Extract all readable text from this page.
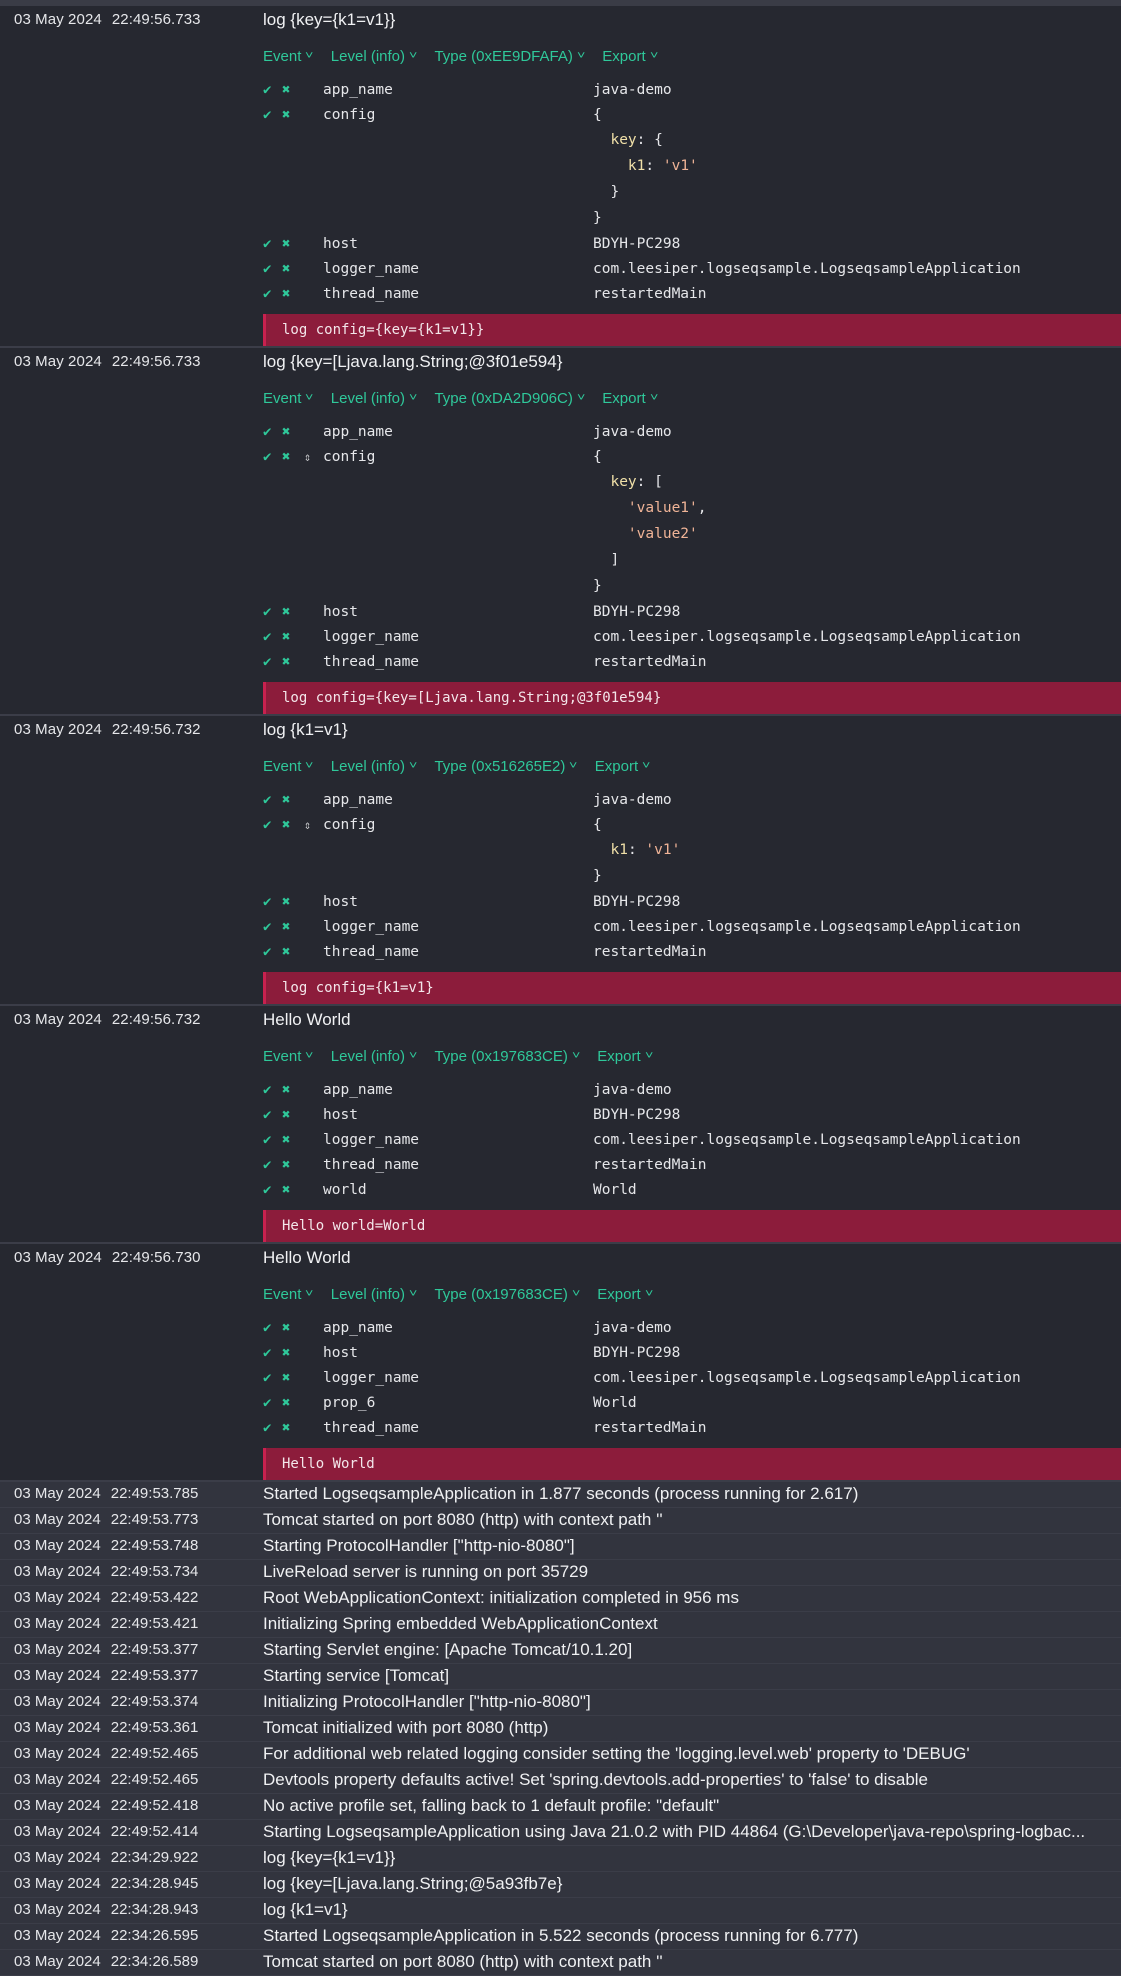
03 May 2024 22:49:56.733	log {key={k1=v1}}
Event ˅ Level (info) ˅ Type (0xEE9DFAFA) ˅ Export ˅
✔ ✖	app_name	java-demo
✔ ✖	config	{

key: {

k1: 'v1'

}
}
✔ ✖	host	BDYH-PC298
✔ ✖	logger_name	com.leesiper.logseqsample.LogseqsampleApplication
✔ ✖	thread_name	restartedMain
log config={key={k1=v1}}
03 May 2024 22:49:56.733	log {key=[Ljava.lang.String;@3f01e594}
Event ˅ Level (info) ˅ Type (0xDA2D906C) ˅ Export ˅
✔ ✖	app_name	java-demo
✔ ✖	⇕ config	{

key: [

'value1',

'value2'

]
}
✔ ✖	host	BDYH-PC298
✔ ✖	logger_name	com.leesiper.logseqsample.LogseqsampleApplication
✔ ✖	thread_name	restartedMain
log config={key=[Ljava.lang.String;@3f01e594}
03 May 2024 22:49:56.732	log {k1=v1}
Event ˅ Level (info) ˅ Type (0x516265E2) ˅ Export ˅
✔ ✖	app_name	java-demo
✔ ✖	⇕ config	{

k1: 'v1'
}
✔ ✖	host	BDYH-PC298
✔ ✖	logger_name	com.leesiper.logseqsample.LogseqsampleApplication
✔ ✖	thread_name	restartedMain
log config={k1=v1}
03 May 2024 22:49:56.732	Hello World
Event ˅ Level (info) ˅ Type (0x197683CE) ˅ Export ˅
✔ ✖	app_name	java-demo
✔ ✖	host	BDYH-PC298
✔ ✖	logger_name	com.leesiper.logseqsample.LogseqsampleApplication
✔ ✖	thread_name	restartedMain
✔ ✖	world	World
Hello world=World
03 May 2024 22:49:56.730	Hello World
Event ˅ Level (info) ˅ Type (0x197683CE) ˅ Export ˅
✔ ✖	app_name	java-demo
✔ ✖	host	BDYH-PC298
✔ ✖	logger_name	com.leesiper.logseqsample.LogseqsampleApplication
✔ ✖	prop_6	World
✔ ✖	thread_name	restartedMain
Hello World
03 May 2024 22:49:53.785	Started LogseqsampleApplication in 1.877 seconds (process running for 2.617)
03 May 2024 22:49:53.773	Tomcat started on port 8080 (http) with context path ''
03 May 2024 22:49:53.748	Starting ProtocolHandler ["http-nio-8080"]
03 May 2024 22:49:53.734	LiveReload server is running on port 35729
03 May 2024 22:49:53.422	Root WebApplicationContext: initialization completed in 956 ms
03 May 2024 22:49:53.421	Initializing Spring embedded WebApplicationContext
03 May 2024 22:49:53.377	Starting Servlet engine: [Apache Tomcat/10.1.20]
03 May 2024 22:49:53.377	Starting service [Tomcat]
03 May 2024 22:49:53.374	Initializing ProtocolHandler ["http-nio-8080"]
03 May 2024 22:49:53.361	Tomcat initialized with port 8080 (http)
03 May 2024 22:49:52.465	For additional web related logging consider setting the 'logging.level.web' property to 'DEBUG'
03 May 2024 22:49:52.465	Devtools property defaults active! Set 'spring.devtools.add-properties' to 'false' to disable
03 May 2024 22:49:52.418	No active profile set, falling back to 1 default profile: "default"
03 May 2024 22:49:52.414	Starting LogseqsampleApplication using Java 21.0.2 with PID 44864 (G:\Developer\java-repo\spring-logbac...
03 May 2024 22:34:29.922	log {key={k1=v1}}
03 May 2024 22:34:28.945	log {key=[Ljava.lang.String;@5a93fb7e}
03 May 2024 22:34:28.943	log {k1=v1}
03 May 2024 22:34:26.595	Started LogseqsampleApplication in 5.522 seconds (process running for 6.777)
03 May 2024 22:34:26.589	Tomcat started on port 8080 (http) with context path ''
